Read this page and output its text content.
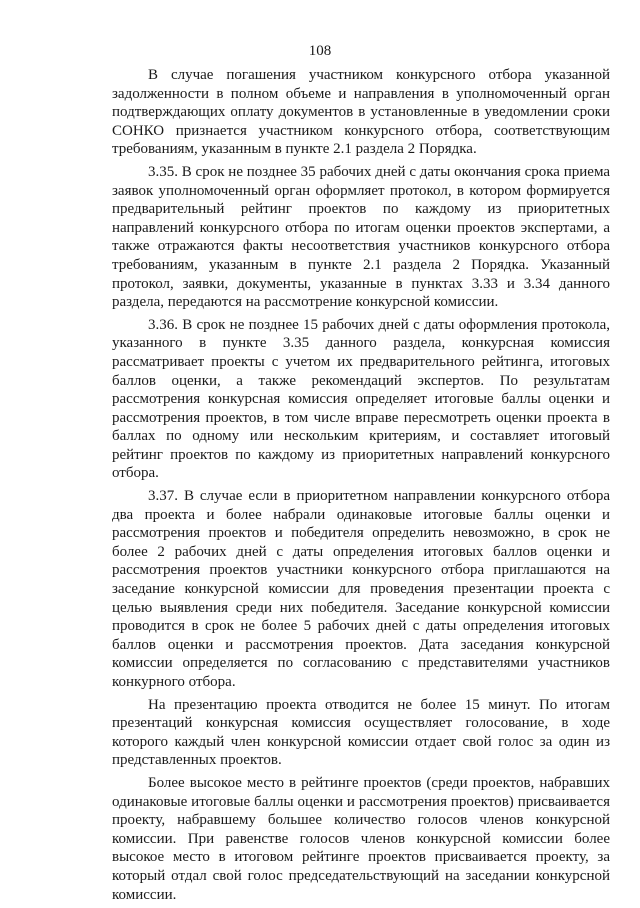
108

В случае погашения участником конкурсного отбора указанной задолженности в полном объеме и направления в уполномоченный орган подтверждающих оплату документов в установленные в уведомлении сроки СОНКО признается участником конкурсного отбора, соответствующим требованиям, указанным в пункте 2.1 раздела 2 Порядка.

3.35. В срок не позднее 35 рабочих дней с даты окончания срока приема заявок уполномоченный орган оформляет протокол, в котором формируется предварительный рейтинг проектов по каждому из приоритетных направлений конкурсного отбора по итогам оценки проектов экспертами, а также отражаются факты несоответствия участников конкурсного отбора требованиям, указанным в пункте 2.1 раздела 2 Порядка. Указанный протокол, заявки, документы, указанные в пунктах 3.33 и 3.34 данного раздела, передаются на рассмотрение конкурсной комиссии.

3.36. В срок не позднее 15 рабочих дней с даты оформления протокола, указанного в пункте 3.35 данного раздела, конкурсная комиссия рассматривает проекты с учетом их предварительного рейтинга, итоговых баллов оценки, а также рекомендаций экспертов. По результатам рассмотрения конкурсная комиссия определяет итоговые баллы оценки и рассмотрения проектов, в том числе вправе пересмотреть оценки проекта в баллах по одному или нескольким критериям, и составляет итоговый рейтинг проектов по каждому из приоритетных направлений конкурсного отбора.

3.37. В случае если в приоритетном направлении конкурсного отбора два проекта и более набрали одинаковые итоговые баллы оценки и рассмотрения проектов и победителя определить невозможно, в срок не более 2 рабочих дней с даты определения итоговых баллов оценки и рассмотрения проектов участники конкурсного отбора приглашаются на заседание конкурсной комиссии для проведения презентации проекта с целью выявления среди них победителя. Заседание конкурсной комиссии проводится в срок не более 5 рабочих дней с даты определения итоговых баллов оценки и рассмотрения проектов. Дата заседания конкурсной комиссии определяется по согласованию с представителями участников конкурного отбора.

На презентацию проекта отводится не более 15 минут. По итогам презентаций конкурсная комиссия осуществляет голосование, в ходе которого каждый член конкурсной комиссии отдает свой голос за один из представленных проектов.

Более высокое место в рейтинге проектов (среди проектов, набравших одинаковые итоговые баллы оценки и рассмотрения проектов) присваивается проекту, набравшему большее количество голосов членов конкурсной комиссии. При равенстве голосов членов конкурсной комиссии более высокое место в итоговом рейтинге проектов присваивается проекту, за который отдал свой голос председательствующий на заседании конкурсной комиссии.
